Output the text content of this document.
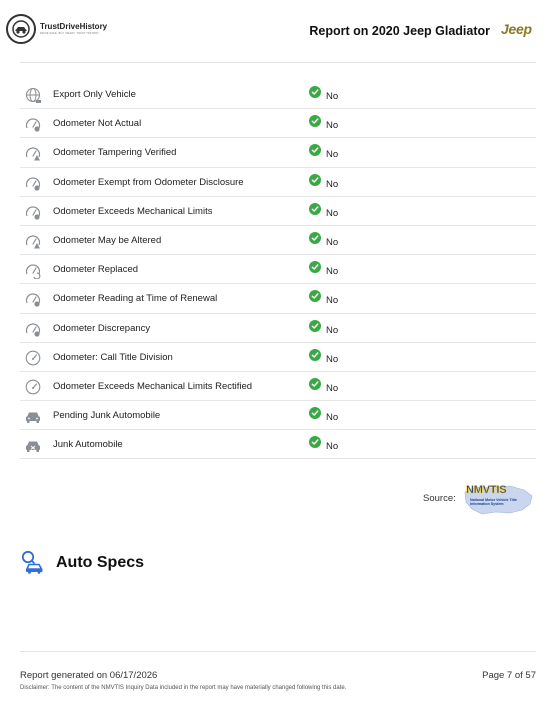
TrustDriveHistory
DRIVE SAFE. BUY SMART. TRUST HISTORY.	Report on 2020 Jeep Gladiator Jeep
Export Only Vehicle	No
Odometer Not Actual	No
Odometer Tampering Verified	No
Odometer Exempt from Odometer Disclosure	No
Odometer Exceeds Mechanical Limits	No
Odometer May be Altered	No
Odometer Replaced	No
Odometer Reading at Time of Renewal	No
Odometer Discrepancy	No
Odometer: Call Title Division	No
Odometer Exceeds Mechanical Limits Rectified	No
Pending Junk Automobile	No
Junk Automobile	No
Source:
NMVTIS
National Motor Vehicle Title Information System
Auto Specs
Report generated on 06/17/2026	Page 7 of 57
Disclaimer: The content of the NMVTIS Inquiry Data included in the report may have materially changed following this date.
